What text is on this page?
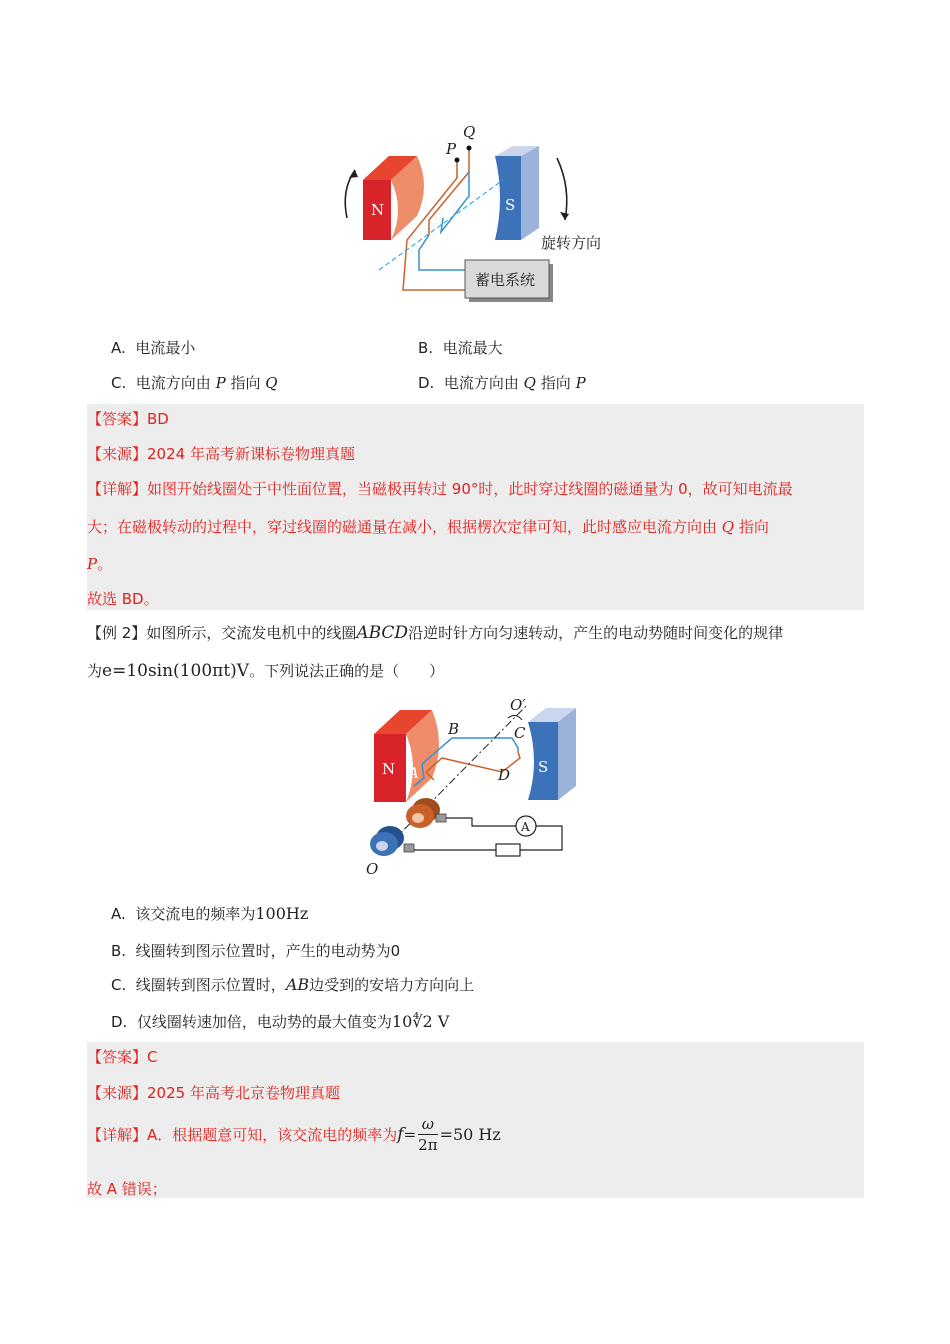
N	S
旋转方向
P
Q
蓄电系统
A. 电流最小	B. 电流最大
C. 电流方向由 P 指向 Q	D. 电流方向由 Q 指向 P
【答案】BD
【来源】2024 年高考新课标卷物理真题
【详解】如图开始线圈处于中性面位置，当磁极再转过 90°时，此时穿过线圈的磁通量为 0，故可知电流最
大；在磁极转动的过程中，穿过线圈的磁通量在减小，根据楞次定律可知，此时感应电流方向由 Q 指向
P。
故选 BD。
【例 2】如图所示，交流发电机中的线圈ABCD沿逆时针方向匀速转动，产生的电动势随时间变化的规律
为e=10sin(100πt)V。下列说法正确的是（　　）
N	S
B	C
A	D
O′
O
A
A. 该交流电的频率为100Hz
B. 线圈转到图示位置时，产生的电动势为0
C. 线圈转到图示位置时，AB边受到的安培力方向向上
D. 仅线圈转速加倍，电动势的最大值变为10∜2 V
【答案】C
【来源】2025 年高考北京卷物理真题
【详解】A．根据题意可知，该交流电的频率为$f= \frac{\omega}{2\pi} =50$ Hz
故 A 错误；
